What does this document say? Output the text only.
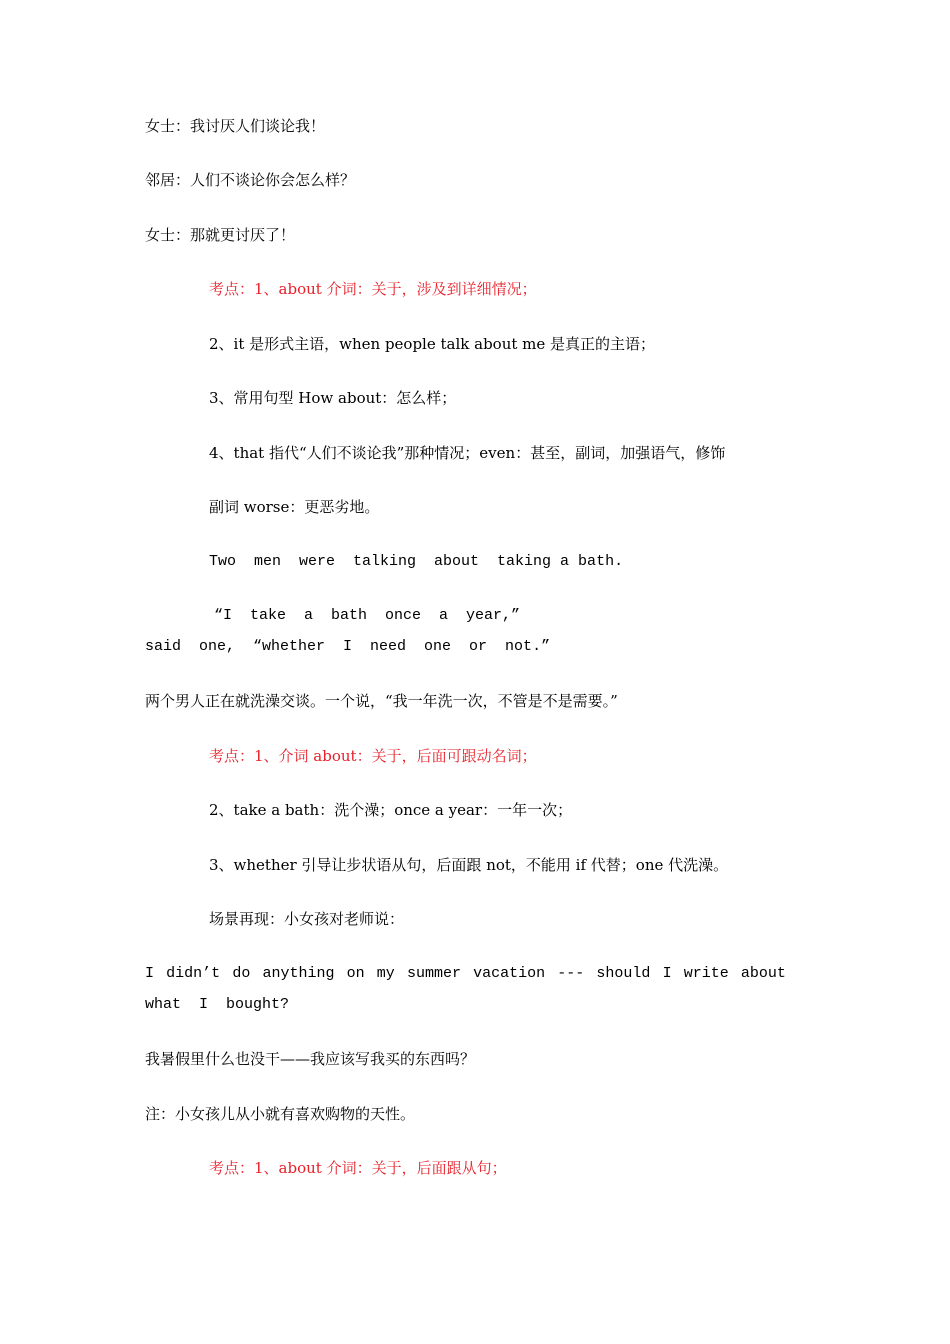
女士：我讨厌人们谈论我！

邻居：人们不谈论你会怎么样？

女士：那就更讨厌了！

考点：1、about 介词：关于，涉及到详细情况；

2、it 是形式主语，when people talk about me 是真正的主语；

3、常用句型 How about：怎么样；

4、that 指代“人们不谈论我”那种情况；even：甚至，副词，加强语气，修饰

副词 worse：更恶劣地。

Two  men  were  talking  about  taking a bath.

“I  take  a  bath  once  a  year,”

said  one,  “whether  I  need  one  or  not.”

两个男人正在就洗澡交谈。一个说，“我一年洗一次，不管是不是需要。”

考点：1、介词 about：关于，后面可跟动名词；

2、take a bath：洗个澡；once a year：一年一次；

3、whether 引导让步状语从句，后面跟 not，不能用 if 代替；one 代洗澡。

场景再现：小女孩对老师说：

I didn’t do anything on my summer vacation --- should I write about

what  I  bought?

我暑假里什么也没干——我应该写我买的东西吗？

注：小女孩儿从小就有喜欢购物的天性。

考点：1、about 介词：关于，后面跟从句；
